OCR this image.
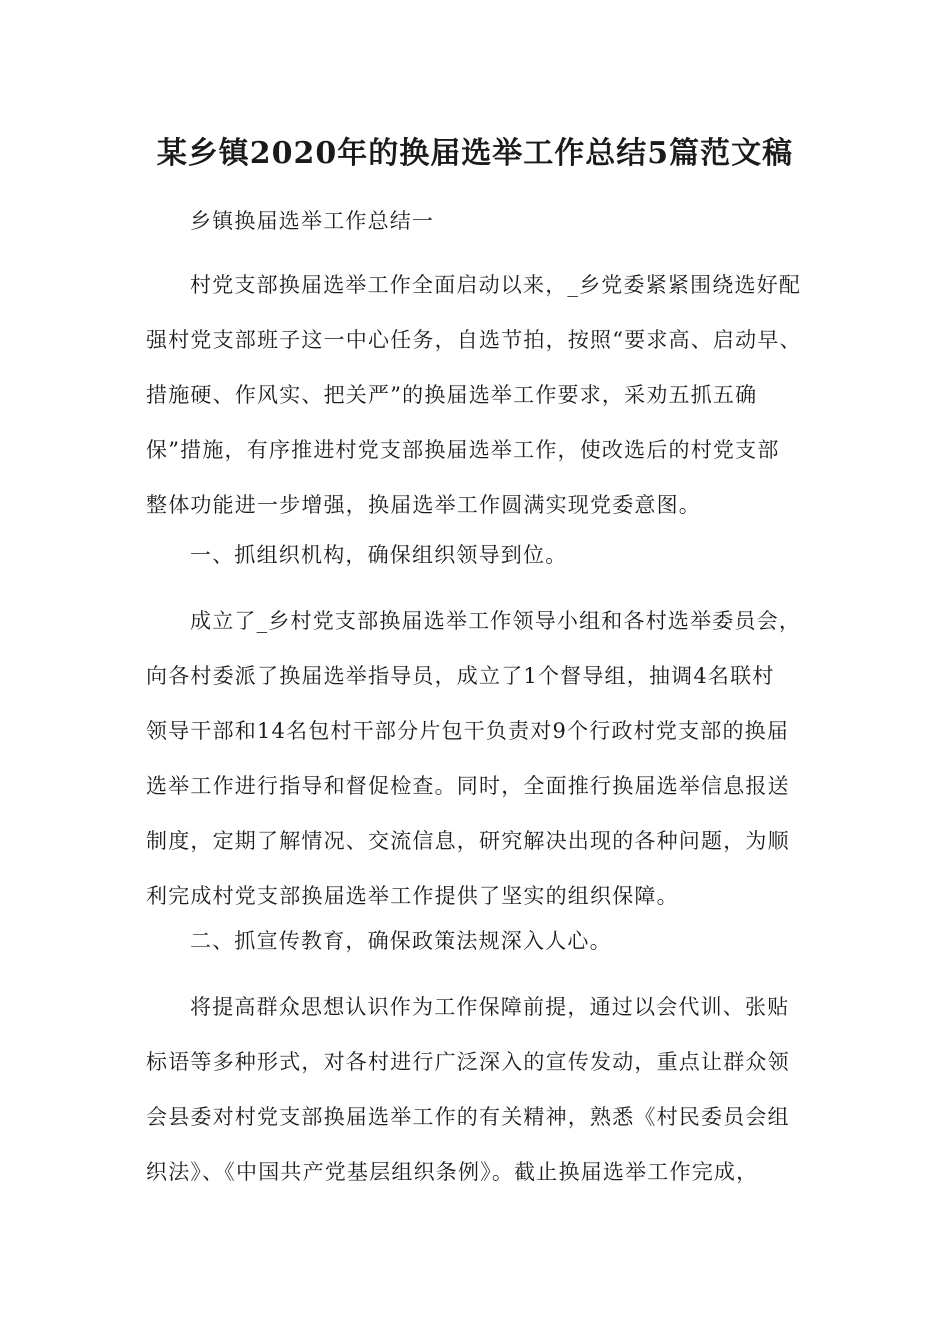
某乡镇2020年的换届选举工作总结5篇范文稿

乡镇换届选举工作总结一

村党支部换届选举工作全面启动以来，_乡党委紧紧围绕选好配
强村党支部班子这一中心任务，自选节拍，按照“要求高、启动早、
措施硬、作风实、把关严”的换届选举工作要求，采劝五抓五确
保”措施，有序推进村党支部换届选举工作，使改选后的村党支部
整体功能进一步增强，换届选举工作圆满实现党委意图。

一、抓组织机构，确保组织领导到位。

成立了_乡村党支部换届选举工作领导小组和各村选举委员会，
向各村委派了换届选举指导员，成立了1个督导组，抽调4名联村
领导干部和14名包村干部分片包干负责对9个行政村党支部的换届
选举工作进行指导和督促检查。同时，全面推行换届选举信息报送
制度，定期了解情况、交流信息，研究解决出现的各种问题，为顺
利完成村党支部换届选举工作提供了坚实的组织保障。

二、抓宣传教育，确保政策法规深入人心。

将提高群众思想认识作为工作保障前提，通过以会代训、张贴
标语等多种形式，对各村进行广泛深入的宣传发动，重点让群众领
会县委对村党支部换届选举工作的有关精神，熟悉《村民委员会组
织法》、《中国共产党基层组织条例》。截止换届选举工作完成，
